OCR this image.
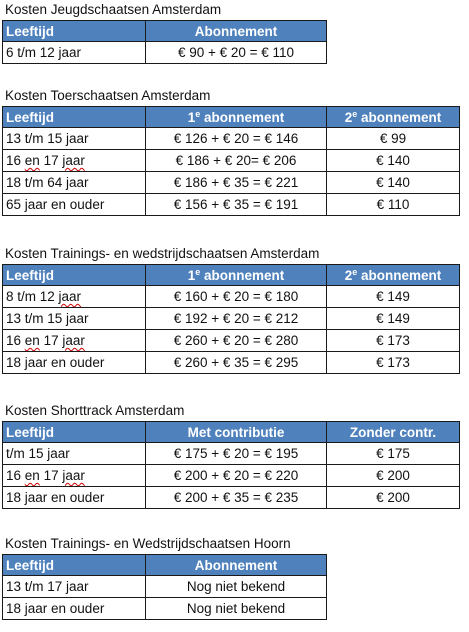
Kosten Jeugdschaatsen Amsterdam
Leeftijd	Abonnement
6 t/m 12 jaar	€ 90 + € 20 = € 110
Kosten Toerschaatsen Amsterdam
Leeftijd	1e abonnement	2e abonnement
13 t/m 15 jaar	€ 126 + € 20 = € 146	€ 99
16 en 17 jaar	€ 186 + € 20= € 206	€ 140
18 t/m 64 jaar	€ 186 + € 35 = € 221	€ 140
65 jaar en ouder	€ 156 + € 35 = € 191	€ 110
Kosten Trainings- en wedstrijdschaatsen Amsterdam
Leeftijd	1e abonnement	2e abonnement
8 t/m 12 jaar	€ 160 + € 20 = € 180	€ 149
13 t/m 15 jaar	€ 192 + € 20 = € 212	€ 149
16 en 17 jaar	€ 260 + € 20 = € 280	€ 173
18 jaar en ouder	€ 260 + € 35 = € 295	€ 173
Kosten Shorttrack Amsterdam
Leeftijd	Met contributie	Zonder contr.
t/m 15 jaar	€ 175 + € 20 = € 195	€ 175
16 en 17 jaar	€ 200 + € 20 = € 220	€ 200
18 jaar en ouder	€ 200 + € 35 = € 235	€ 200
Kosten Trainings- en Wedstrijdschaatsen Hoorn
Leeftijd	Abonnement
13 t/m 17 jaar	Nog niet bekend
18 jaar en ouder	Nog niet bekend
